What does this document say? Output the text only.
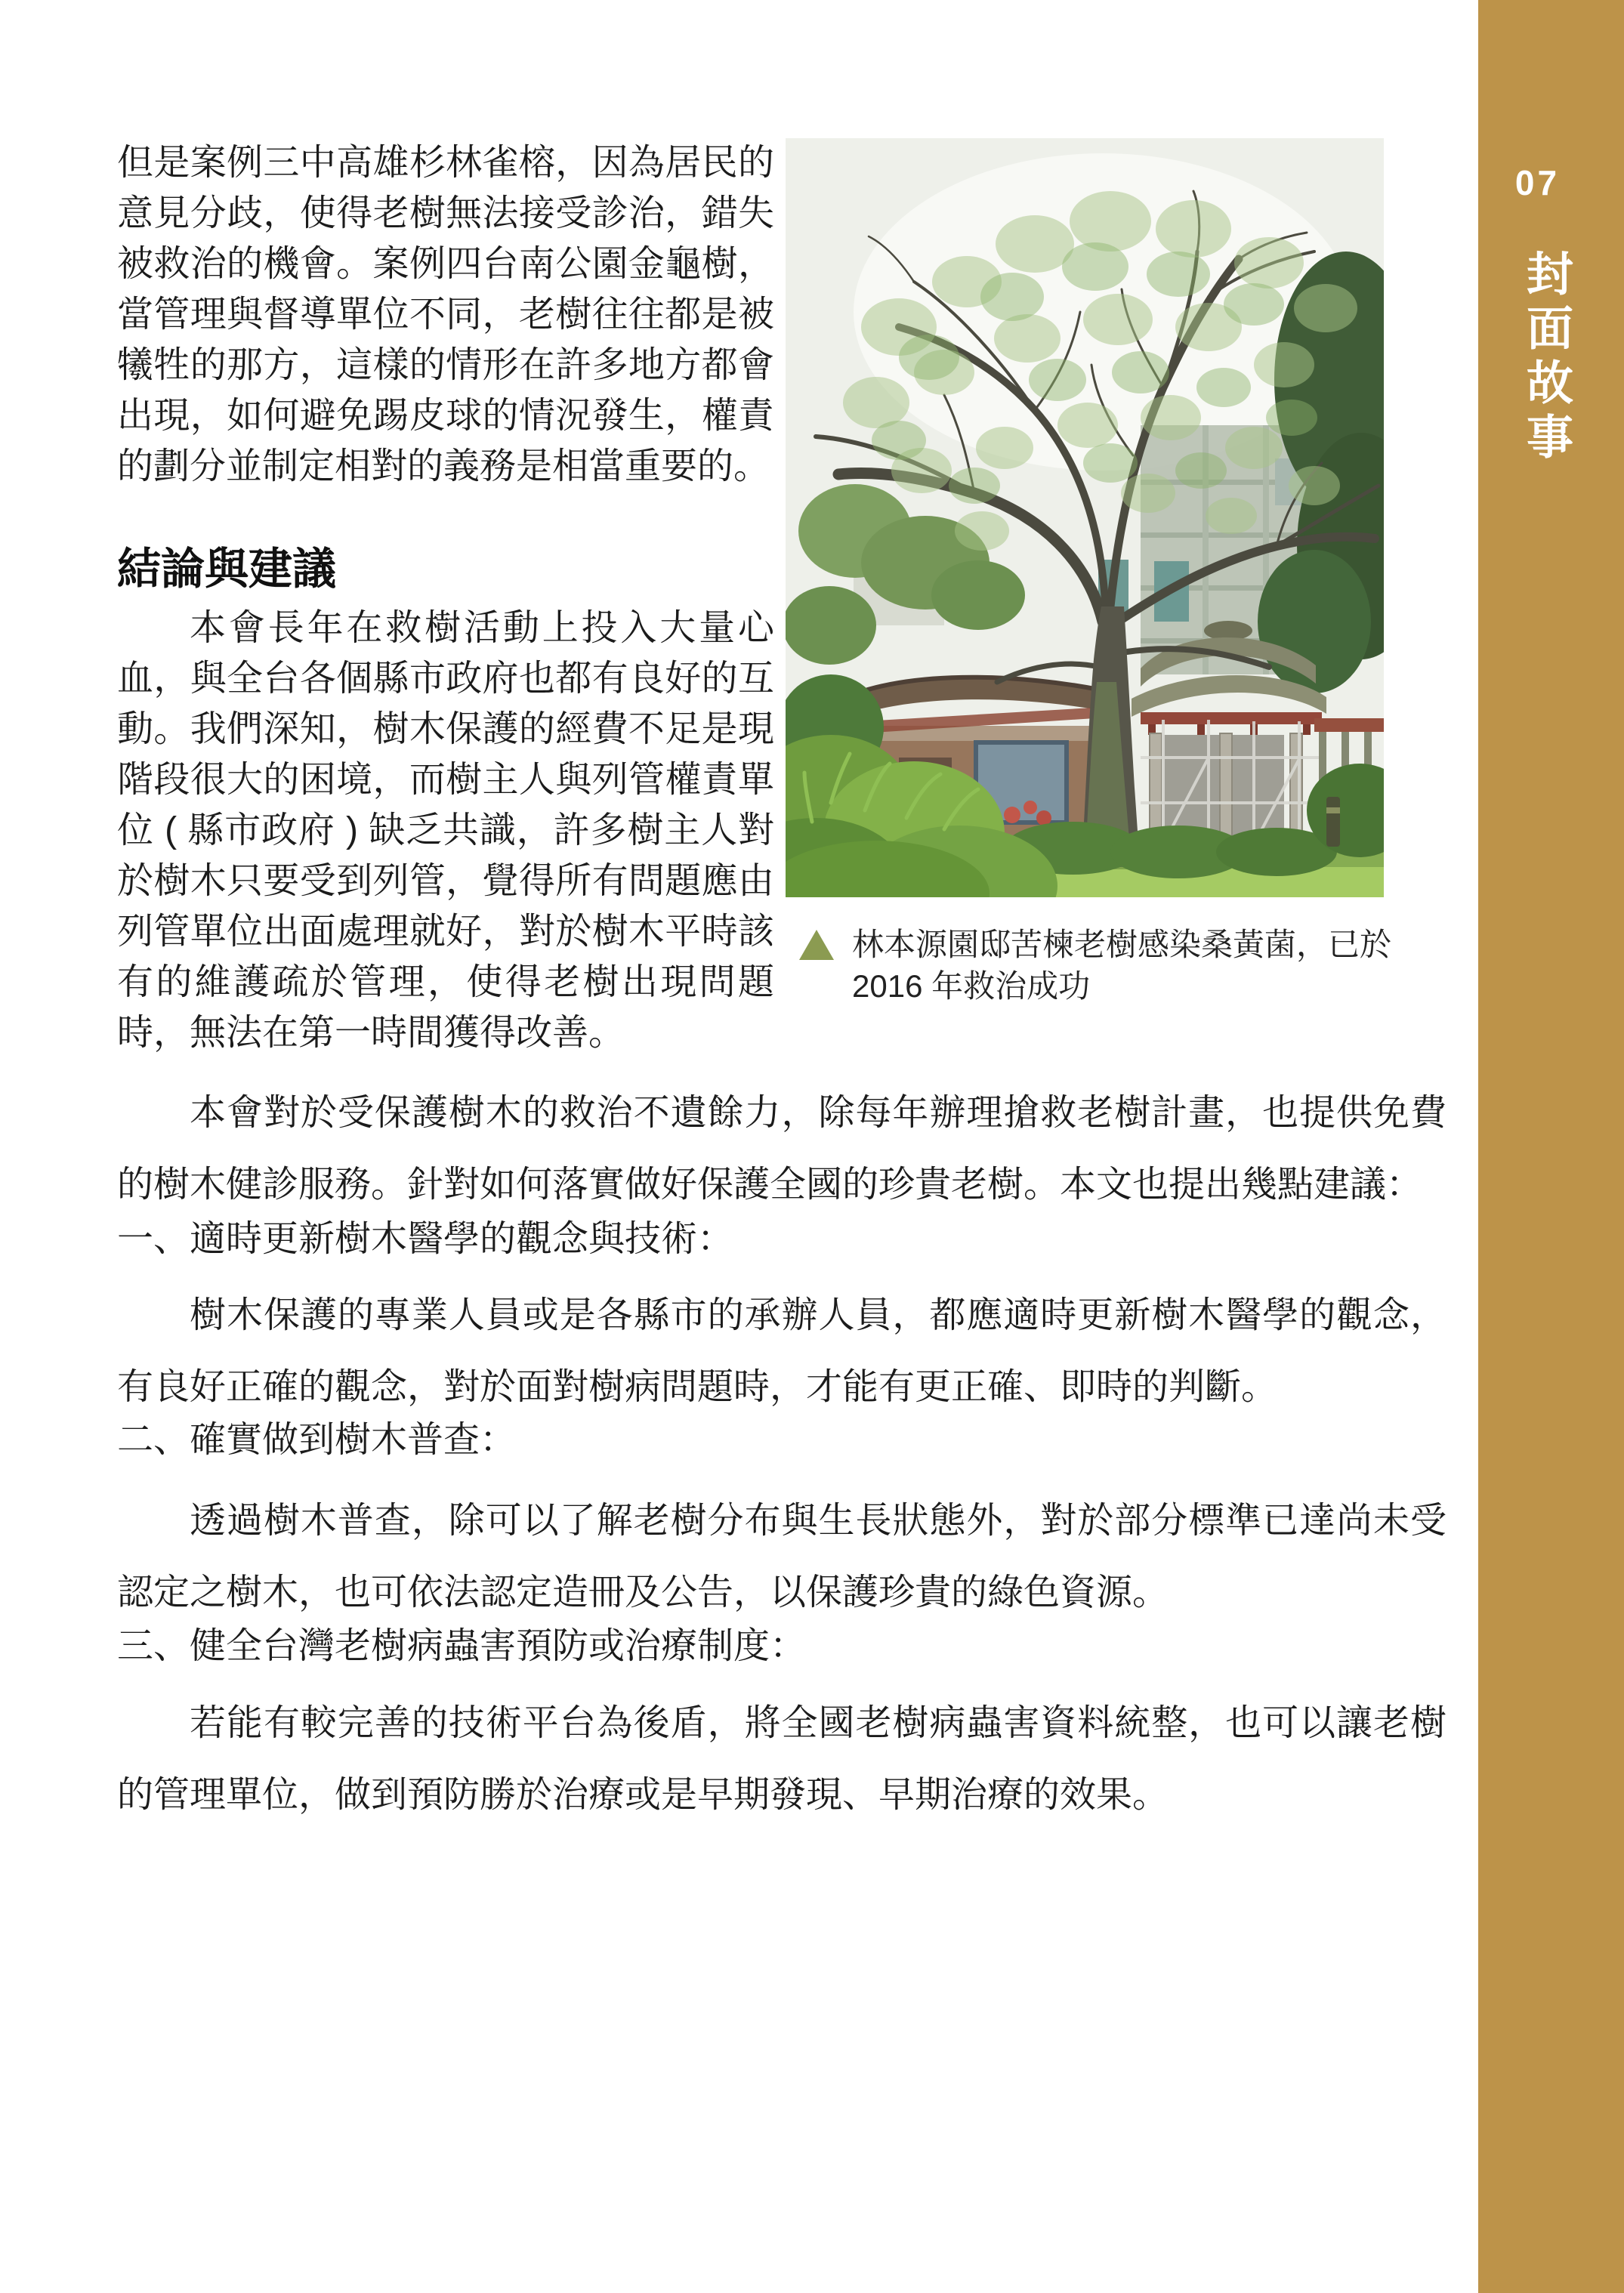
但是案例三中高雄杉林雀榕，因為居民的意見分歧，使得老樹無法接受診治，錯失被救治的機會。案例四台南公園金龜樹，當管理與督導單位不同，老樹往往都是被犧牲的那方，這樣的情形在許多地方都會出現，如何避免踢皮球的情況發生，權責的劃分並制定相對的義務是相當重要的。
結論與建議
本會長年在救樹活動上投入大量心血，與全台各個縣市政府也都有良好的互動。我們深知，樹木保護的經費不足是現階段很大的困境，而樹主人與列管權責單位 ( 縣市政府 ) 缺乏共識，許多樹主人對於樹木只要受到列管，覺得所有問題應由列管單位出面處理就好，對於樹木平時該有的維護疏於管理，使得老樹出現問題時，無法在第一時間獲得改善。
林本源園邸苦楝老樹感染桑黃菌，已於
2016 年救治成功
本會對於受保護樹木的救治不遺餘力，除每年辦理搶救老樹計畫，也提供免費的樹木健診服務。針對如何落實做好保護全國的珍貴老樹。本文也提出幾點建議：
一、適時更新樹木醫學的觀念與技術：
樹木保護的專業人員或是各縣市的承辦人員，都應適時更新樹木醫學的觀念，有良好正確的觀念，對於面對樹病問題時，才能有更正確、即時的判斷。
二、確實做到樹木普查：
透過樹木普查，除可以了解老樹分布與生長狀態外，對於部分標準已達尚未受認定之樹木，也可依法認定造冊及公告，以保護珍貴的綠色資源。
三、健全台灣老樹病蟲害預防或治療制度：
若能有較完善的技術平台為後盾，將全國老樹病蟲害資料統整，也可以讓老樹的管理單位，做到預防勝於治療或是早期發現、早期治療的效果。
07
封面故事
